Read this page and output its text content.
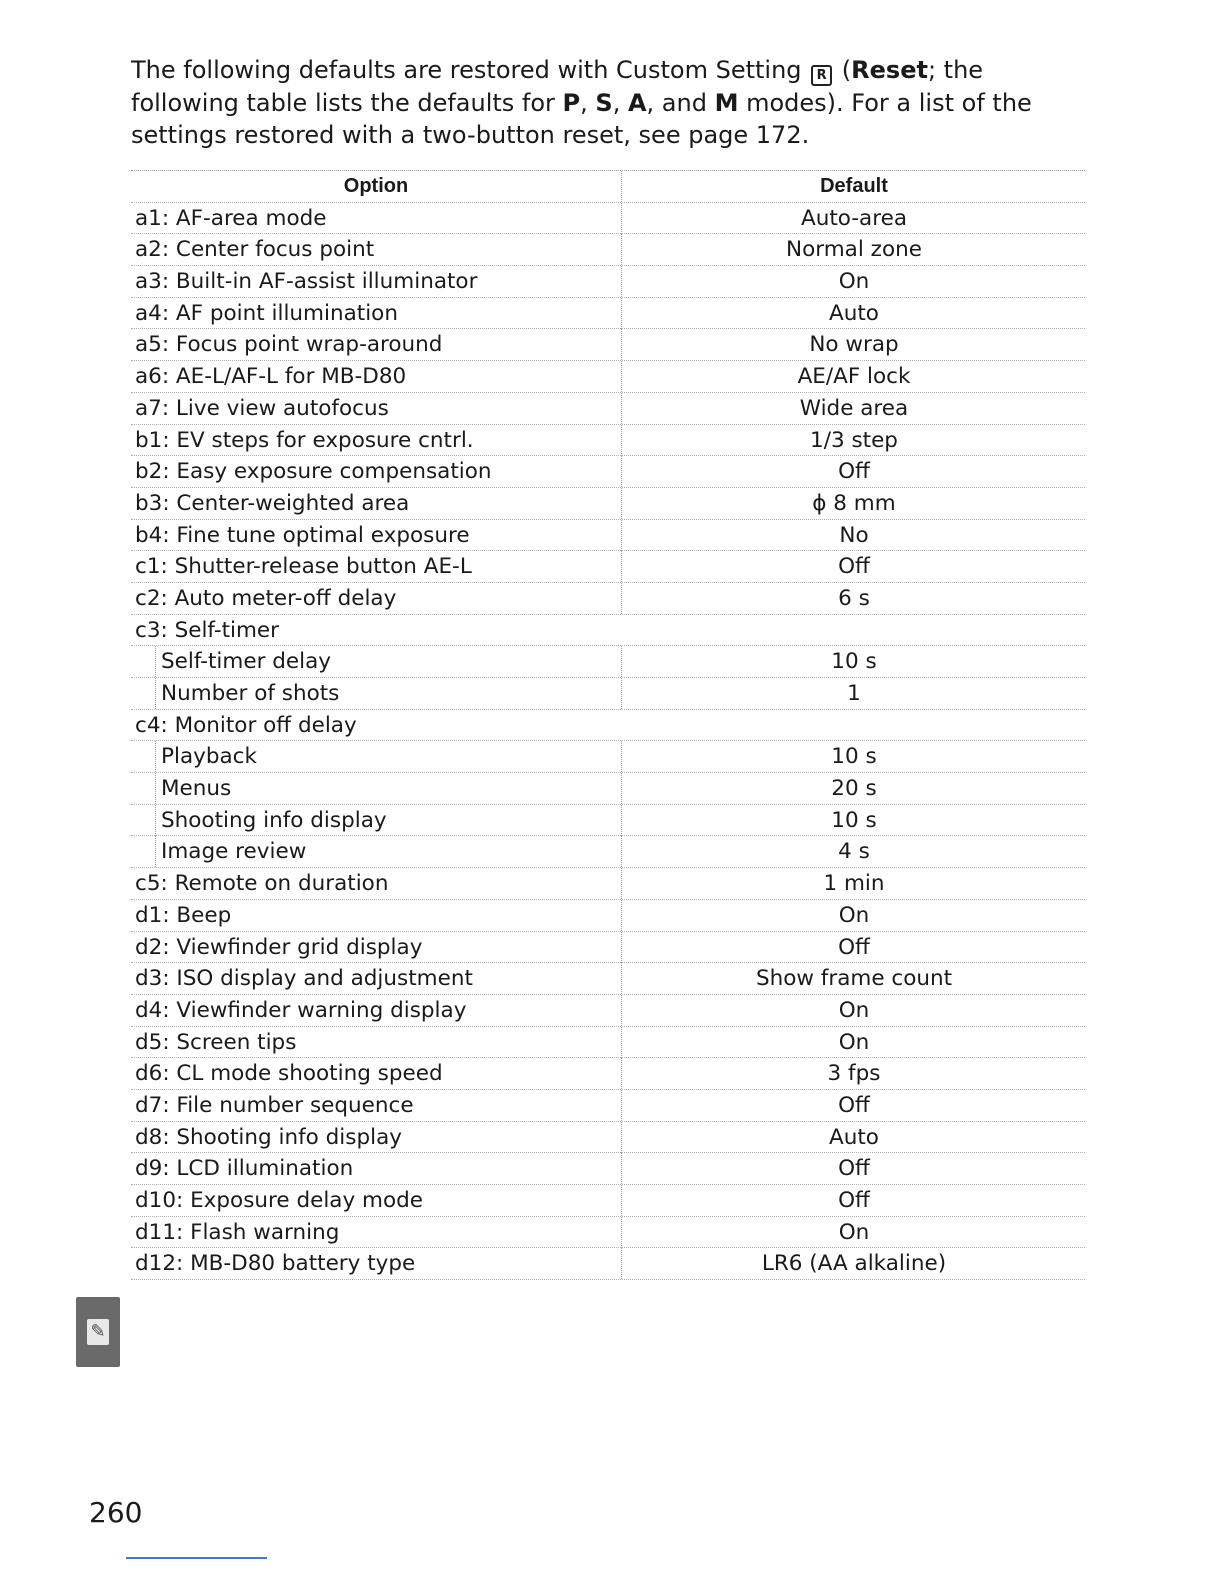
The following defaults are restored with Custom Setting R (Reset; the following table lists the defaults for P, S, A, and M modes). For a list of the settings restored with a two-button reset, see page 172.
Option	Default
a1: AF-area mode	Auto-area
a2: Center focus point	Normal zone
a3: Built-in AF-assist illuminator	On
a4: AF point illumination	Auto
a5: Focus point wrap-around	No wrap
a6: AE-L/AF-L for MB-D80	AE/AF lock
a7: Live view autofocus	Wide area
b1: EV steps for exposure cntrl.	1/3 step
b2: Easy exposure compensation	Off
b3: Center-weighted area	ϕ 8 mm
b4: Fine tune optimal exposure	No
c1: Shutter-release button AE-L	Off
c2: Auto meter-off delay	6 s
c3: Self-timer
Self-timer delay	10 s
Number of shots	1
c4: Monitor off delay
Playback	10 s
Menus	20 s
Shooting info display	10 s
Image review	4 s
c5: Remote on duration	1 min
d1: Beep	On
d2: Viewfinder grid display	Off
d3: ISO display and adjustment	Show frame count
d4: Viewfinder warning display	On
d5: Screen tips	On
d6: CL mode shooting speed	3 fps
d7: File number sequence	Off
d8: Shooting info display	Auto
d9: LCD illumination	Off
d10: Exposure delay mode	Off
d11: Flash warning	On
d12: MB-D80 battery type	LR6 (AA alkaline)
✎
260
